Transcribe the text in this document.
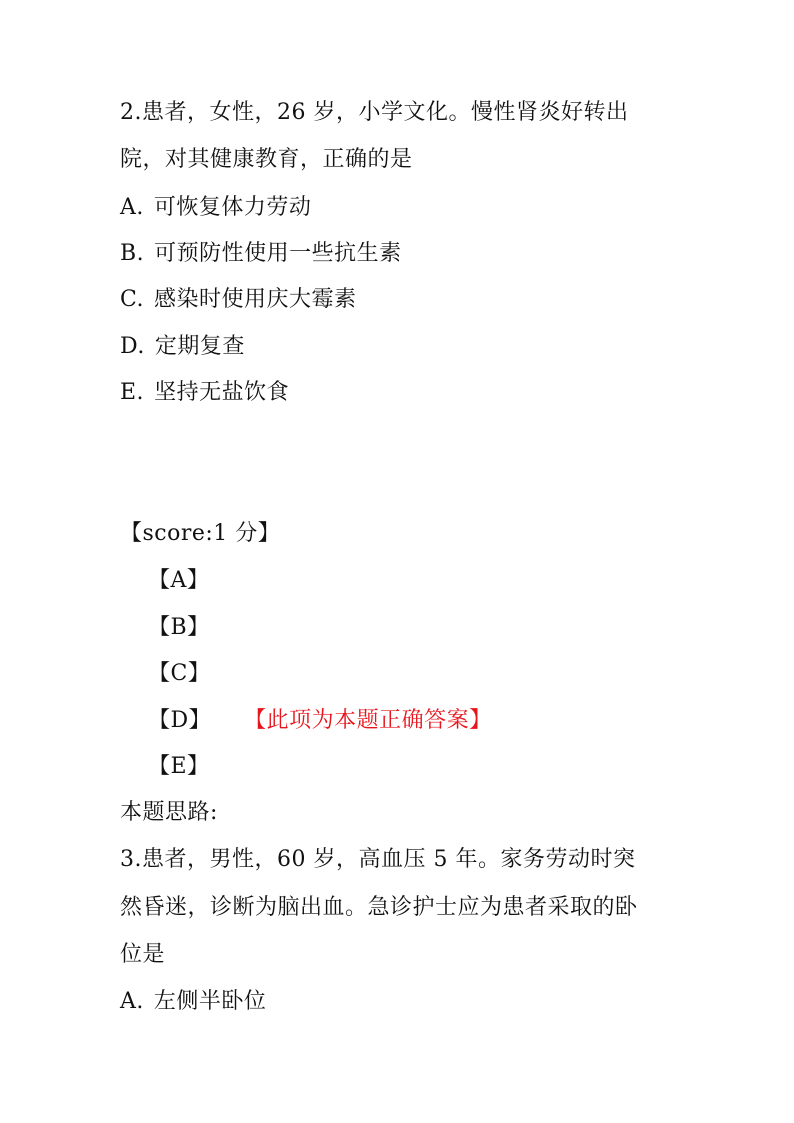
2.患者，女性，26 岁，小学文化。慢性肾炎好转出
院，对其健康教育，正确的是
A. 可恢复体力劳动
B. 可预防性使用一些抗生素
C. 感染时使用庆大霉素
D. 定期复查
E. 坚持无盐饮食
【score:1 分】
【A】
【B】
【C】
【D】 【此项为本题正确答案】
【E】
本题思路:
3.患者，男性，60 岁，高血压 5 年。家务劳动时突
然昏迷，诊断为脑出血。急诊护士应为患者采取的卧
位是
A. 左侧半卧位
